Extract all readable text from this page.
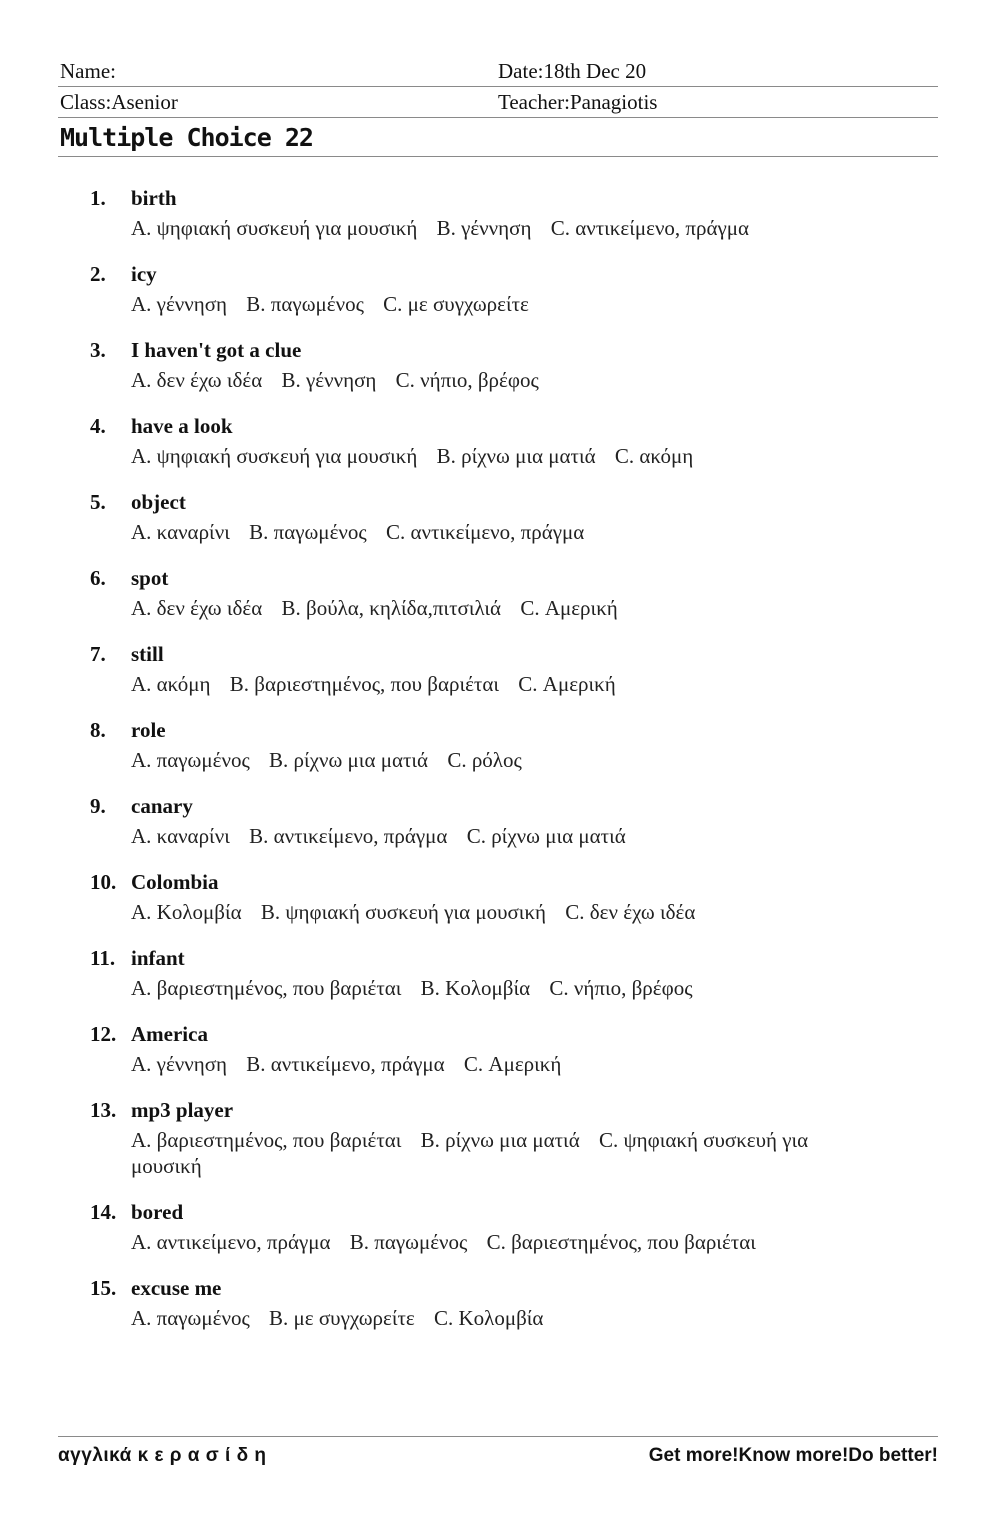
Name:	Date:18th Dec 20
Class:Asenior	Teacher:Panagiotis
Multiple Choice 22
1. birth
A. ψηφιακή συσκευή για μουσική B. γέννηση C. αντικείμενο, πράγμα
2. icy
A. γέννηση B. παγωμένος C. με συγχωρείτε
3. I haven't got a clue
A. δεν έχω ιδέα B. γέννηση C. νήπιο, βρέφος
4. have a look
A. ψηφιακή συσκευή για μουσική B. ρίχνω μια ματιά C. ακόμη
5. object
A. καναρίνι B. παγωμένος C. αντικείμενο, πράγμα
6. spot
A. δεν έχω ιδέα B. βούλα, κηλίδα,πιτσιλιά C. Αμερική
7. still
A. ακόμη B. βαριεστημένος, που βαριέται C. Αμερική
8. role
A. παγωμένος B. ρίχνω μια ματιά C. ρόλος
9. canary
A. καναρίνι B. αντικείμενο, πράγμα C. ρίχνω μια ματιά
10. Colombia
A. Κολομβία B. ψηφιακή συσκευή για μουσική C. δεν έχω ιδέα
11. infant
A. βαριεστημένος, που βαριέται B. Κολομβία C. νήπιο, βρέφος
12. America
A. γέννηση B. αντικείμενο, πράγμα C. Αμερική
13. mp3 player
A. βαριεστημένος, που βαριέται B. ρίχνω μια ματιά C. ψηφιακή συσκευή για μουσική
14. bored
A. αντικείμενο, πράγμα B. παγωμένος C. βαριεστημένος, που βαριέται
15. excuse me
A. παγωμένος B. με συγχωρείτε C. Κολομβία
αγγλικά κ ε ρ α σ ί δ η	Get more!Know more!Do better!
